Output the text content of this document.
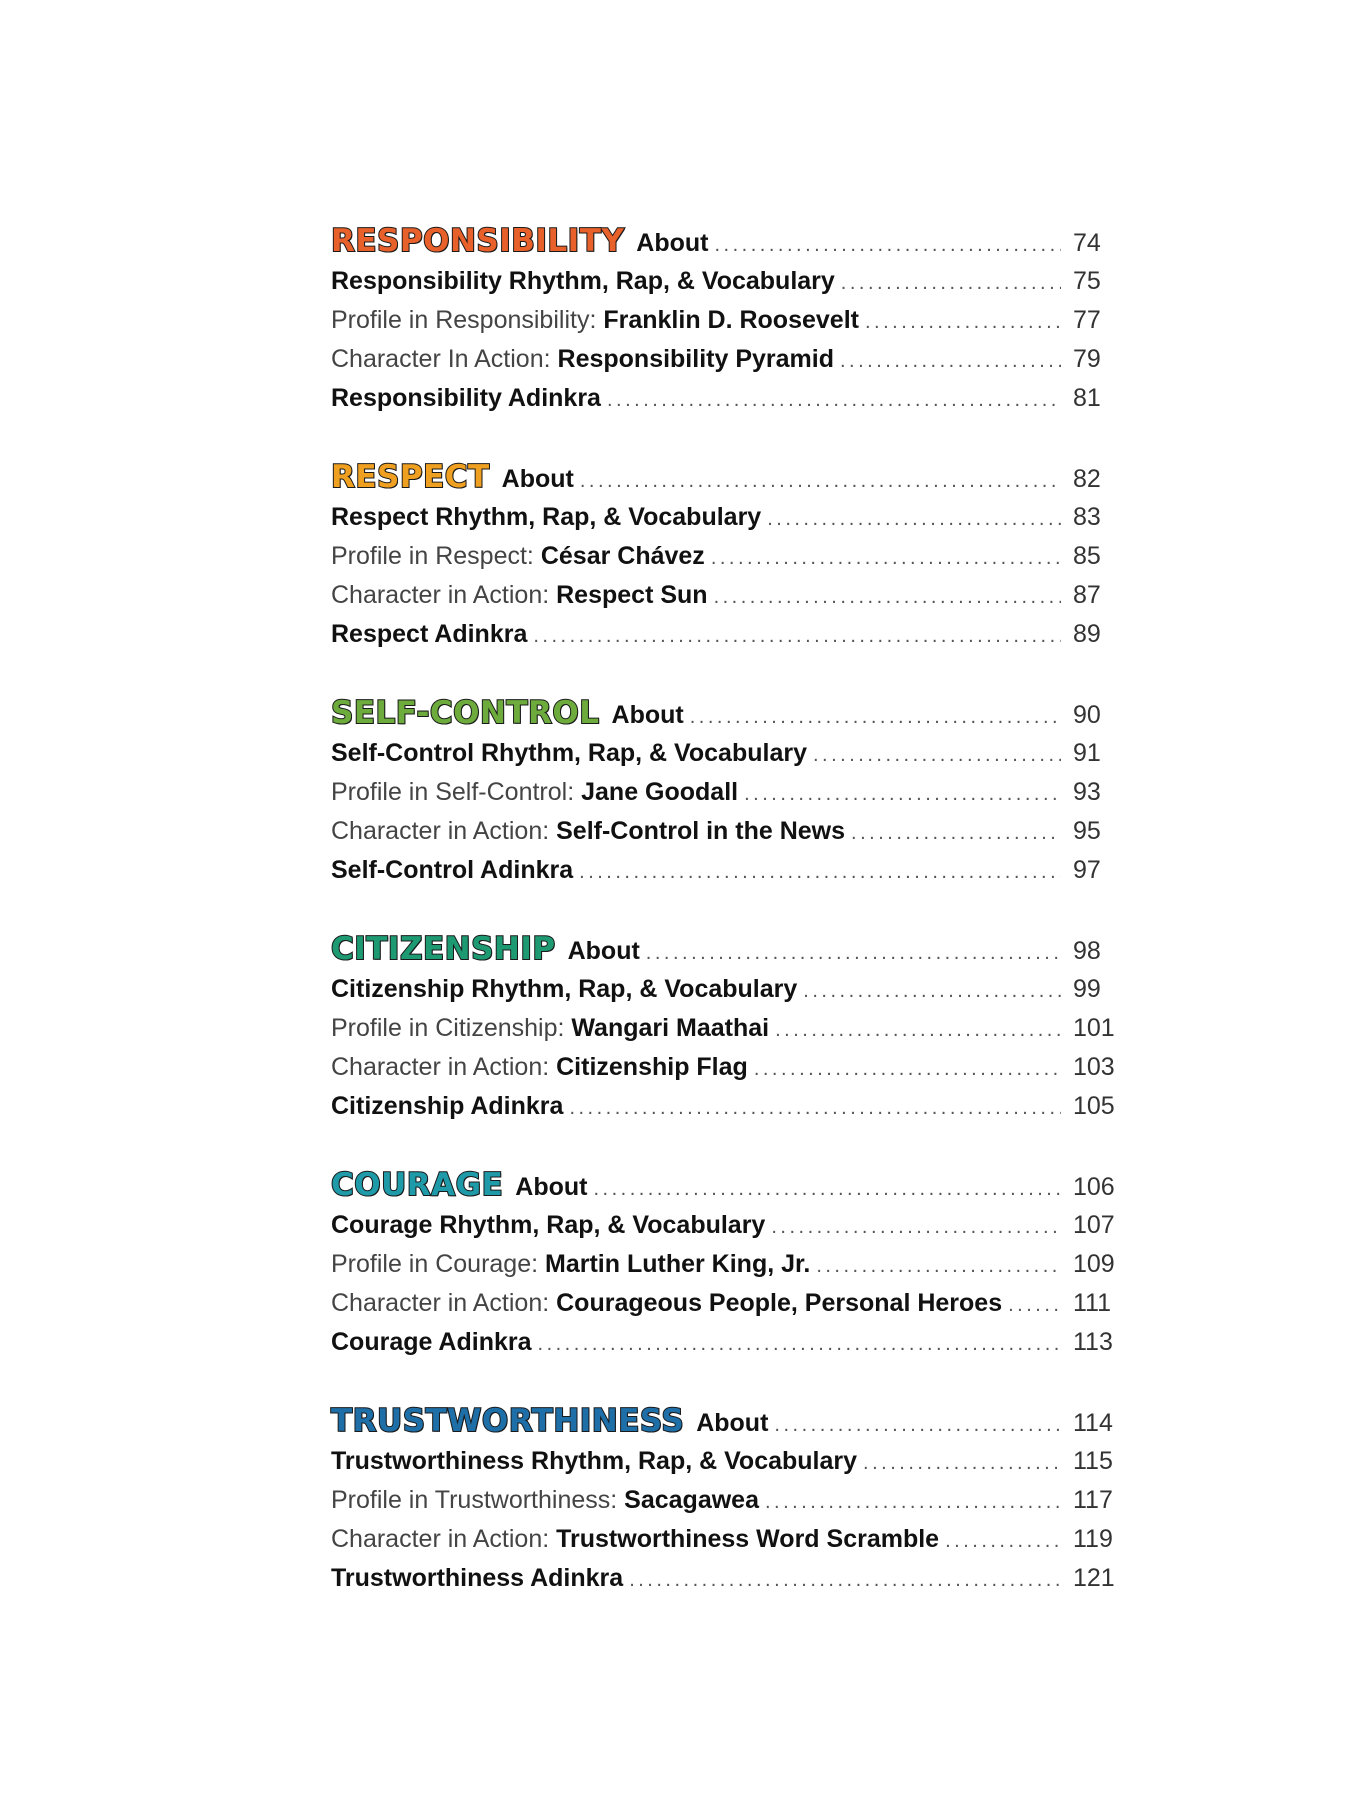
RESPONSIBILITY About .....	74
Responsibility Rhythm, Rap, & Vocabulary .....	75
Profile in Responsibility: Franklin D. Roosevelt .....	77
Character In Action: Responsibility Pyramid .....	79
Responsibility Adinkra .....	81
RESPECT About .....	82
Respect Rhythm, Rap, & Vocabulary .....	83
Profile in Respect: César Chávez .....	85
Character in Action: Respect Sun .....	87
Respect Adinkra .....	89
SELF-CONTROL About .....	90
Self-Control Rhythm, Rap, & Vocabulary .....	91
Profile in Self-Control: Jane Goodall .....	93
Character in Action: Self-Control in the News .....	95
Self-Control Adinkra .....	97
CITIZENSHIP About .....	98
Citizenship Rhythm, Rap, & Vocabulary .....	99
Profile in Citizenship: Wangari Maathai .....	101
Character in Action: Citizenship Flag .....	103
Citizenship Adinkra .....	105
COURAGE About .....	106
Courage Rhythm, Rap, & Vocabulary .....	107
Profile in Courage: Martin Luther King, Jr. .....	109
Character in Action: Courageous People, Personal Heroes .....	111
Courage Adinkra .....	113
TRUSTWORTHINESS About .....	114
Trustworthiness Rhythm, Rap, & Vocabulary .....	115
Profile in Trustworthiness: Sacagawea .....	117
Character in Action: Trustworthiness Word Scramble .....	119
Trustworthiness Adinkra .....	121
